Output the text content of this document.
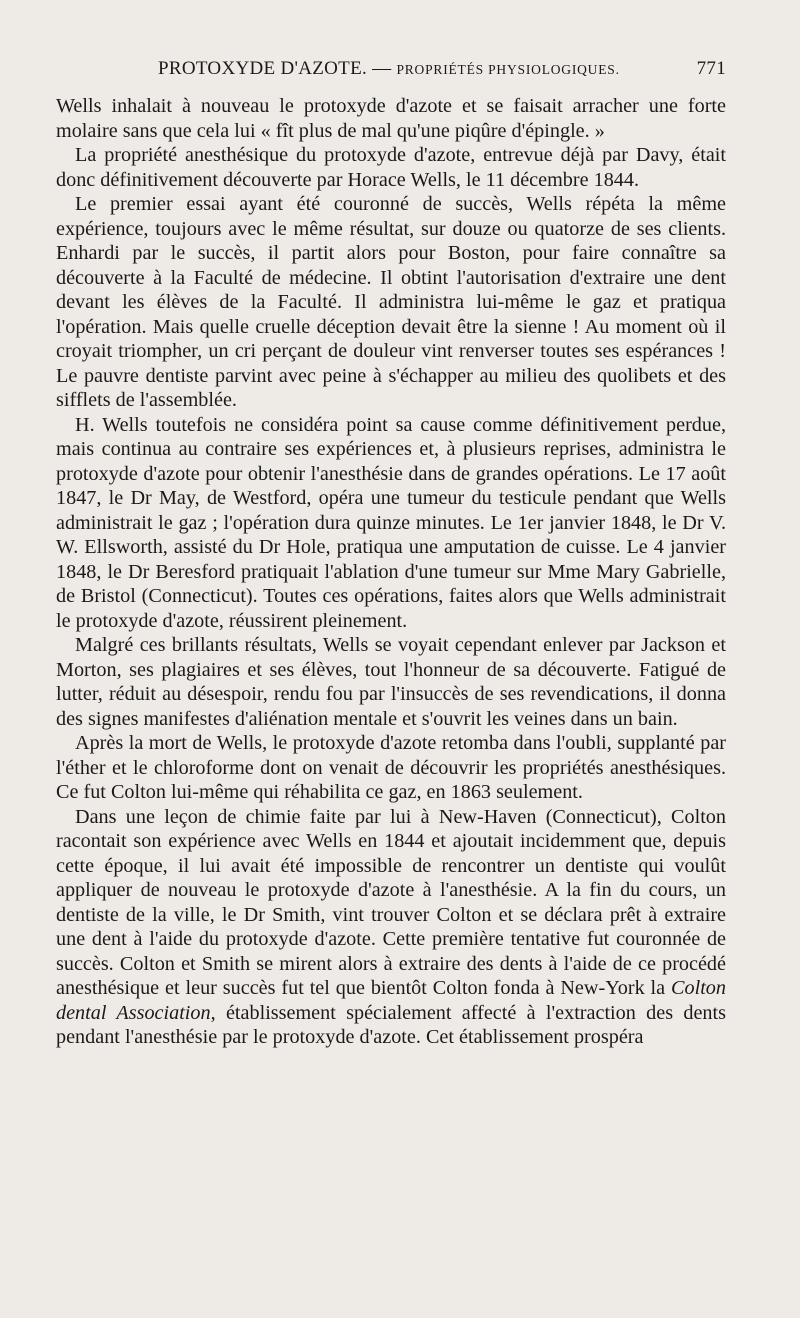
PROTOXYDE D'AZOTE. — PROPRIÉTÉS PHYSIOLOGIQUES.	771

Wells inhalait à nouveau le protoxyde d'azote et se faisait arracher une forte molaire sans que cela lui « fît plus de mal qu'une piqûre d'épingle. »

La propriété anesthésique du protoxyde d'azote, entrevue déjà par Davy, était donc définitivement découverte par Horace Wells, le 11 décembre 1844.

Le premier essai ayant été couronné de succès, Wells répéta la même expérience, toujours avec le même résultat, sur douze ou quatorze de ses clients. Enhardi par le succès, il partit alors pour Boston, pour faire connaître sa découverte à la Faculté de médecine. Il obtint l'autorisation d'extraire une dent devant les élèves de la Faculté. Il administra lui-même le gaz et pratiqua l'opération. Mais quelle cruelle déception devait être la sienne ! Au moment où il croyait triompher, un cri perçant de douleur vint renverser toutes ses espérances ! Le pauvre dentiste parvint avec peine à s'échapper au milieu des quolibets et des sifflets de l'assemblée.

H. Wells toutefois ne considéra point sa cause comme définitivement perdue, mais continua au contraire ses expériences et, à plusieurs reprises, administra le protoxyde d'azote pour obtenir l'anesthésie dans de grandes opérations. Le 17 août 1847, le Dr May, de Westford, opéra une tumeur du testicule pendant que Wells administrait le gaz ; l'opération dura quinze minutes. Le 1er janvier 1848, le Dr V. W. Ellsworth, assisté du Dr Hole, pratiqua une amputation de cuisse. Le 4 janvier 1848, le Dr Beresford pratiquait l'ablation d'une tumeur sur Mme Mary Gabrielle, de Bristol (Connecticut). Toutes ces opérations, faites alors que Wells administrait le protoxyde d'azote, réussirent pleinement.

Malgré ces brillants résultats, Wells se voyait cependant enlever par Jackson et Morton, ses plagiaires et ses élèves, tout l'honneur de sa découverte. Fatigué de lutter, réduit au désespoir, rendu fou par l'insuccès de ses revendications, il donna des signes manifestes d'aliénation mentale et s'ouvrit les veines dans un bain.

Après la mort de Wells, le protoxyde d'azote retomba dans l'oubli, supplanté par l'éther et le chloroforme dont on venait de découvrir les propriétés anesthésiques. Ce fut Colton lui-même qui réhabilita ce gaz, en 1863 seulement.

Dans une leçon de chimie faite par lui à New-Haven (Connecticut), Colton racontait son expérience avec Wells en 1844 et ajoutait incidemment que, depuis cette époque, il lui avait été impossible de rencontrer un dentiste qui voulût appliquer de nouveau le protoxyde d'azote à l'anesthésie. A la fin du cours, un dentiste de la ville, le Dr Smith, vint trouver Colton et se déclara prêt à extraire une dent à l'aide du protoxyde d'azote. Cette première tentative fut couronnée de succès. Colton et Smith se mirent alors à extraire des dents à l'aide de ce procédé anesthésique et leur succès fut tel que bientôt Colton fonda à New-York la Colton dental Association, établissement spécialement affecté à l'extraction des dents pendant l'anesthésie par le protoxyde d'azote. Cet établissement prospéra
